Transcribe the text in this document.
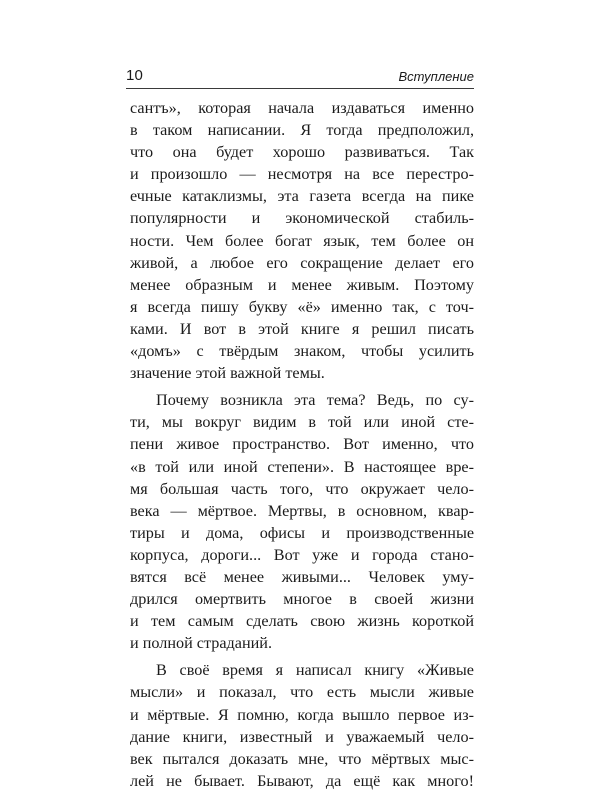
10	Вступление
сантъ», которая начала издаваться именно
в таком написании. Я тогда предположил,
что она будет хорошо развиваться. Так
и произошло — несмотря на все перестро-
ечные катаклизмы, эта газета всегда на пике
популярности и экономической стабиль-
ности. Чем более богат язык, тем более он
живой, а любое его сокращение делает его
менее образным и менее живым. Поэтому
я всегда пишу букву «ё» именно так, с точ-
ками. И вот в этой книге я решил писать
«домъ» с твёрдым знаком, чтобы усилить
значение этой важной темы.
Почему возникла эта тема? Ведь, по су-
ти, мы вокруг видим в той или иной сте-
пени живое пространство. Вот именно, что
«в той или иной степени». В настоящее вре-
мя большая часть того, что окружает чело-
века — мёртвое. Мертвы, в основном, квар-
тиры и дома, офисы и производственные
корпуса, дороги... Вот уже и города стано-
вятся всё менее живыми... Человек уму-
дрился омертвить многое в своей жизни
и тем самым сделать свою жизнь короткой
и полной страданий.
В своё время я написал книгу «Живые
мысли» и показал, что есть мысли живые
и мёртвые. Я помню, когда вышло первое из-
дание книги, известный и уважаемый чело-
век пытался доказать мне, что мёртвых мыс-
лей не бывает. Бывают, да ещё как много!
